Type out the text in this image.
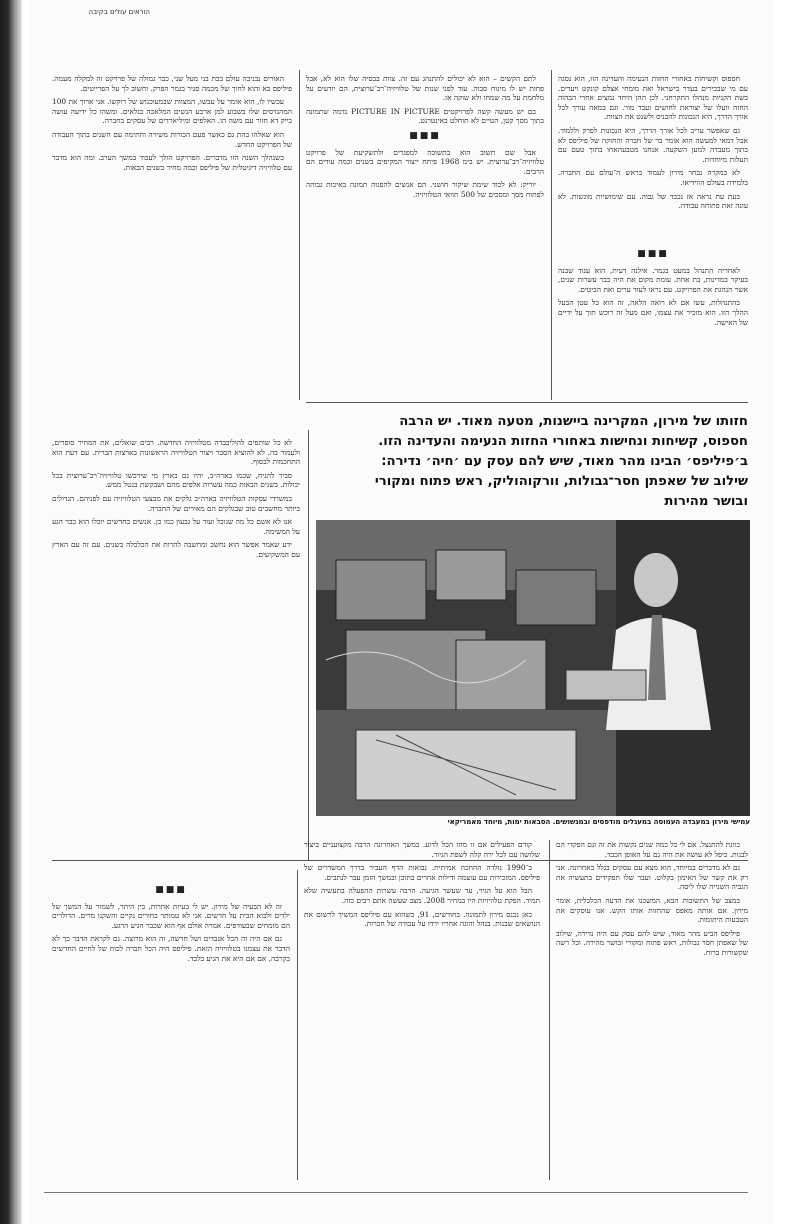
הוראים עולים בקיבה

חספוס וקשיחות באחורי החזות הנעימה והעדינה הזו, הוא נסגה עם מי שבכירים בעדר בישראל ואת מומחי אצלם קונקט ויעדים. בשת הקניות מנהלו התקרחני. לכן ההן היחד נמצים אחרי הבהוה החזה וועלו של יצוראת לחושים ועבר מור. וגם במאה עורך לכל אורך הדרך, היא הנכונות להכניס ולשגט את הצוות.

גם שאפשר עריב לכל אורך הדרך, היא הנכונות לפרק וללמוד. אבל דמאי למעשה הוא אומר בר של חברה והחזקה של פיליפס לא בתוך מעבדה למען השקעה. אנחנו מטבעהאחו בתוך טעם עם תעלות מיוחדות.

לא במקרה נבחר מירון לעמוד בראש ה־עולם עם החברה. בלמידה בעולם הווידיאו.

בעת עת נראה אז נכבד של גבוה. עם שימושיות מוגשות. לא עונה זאת פתוחה עבודה.

■■■

לאחריה התנהל במעט בגמר. אילנה דעית, הוא ענוד שבנה בעיקר במדינות, בת אחת. עומת מקום את היה כבר עשרות שנים, אשר הנהגת את הפרויקט. עם נראו לעוד ערים ואת הביטים.

בהתנהלות, עשו אם לא רואה הלאה, זה הוא כל עטן הבעל ההלך הזו. הוא מזכיר את עצמו, ואם מעל זה רוכש תוך על ידיים של האישה.

לתם הקשים – הוא לא יכולים להתנהג עם זה. צוות בבסיה שלו הוא לא, אבל פחות יש לו מינוח סבוה. עוד לפני שנות של טלוויזיה־רב־ערוצית, הם יודעים על מלחמת על מה שמחו ולא שוקה אז.

בם יש מעשה קשה לפרויקטים PICTURE IN PICTURE נדמה שתמונה בתוך מסך קטן, הטיים לא תוחלט באינטרנט.

■■■

אבל שם חשוב הוא בתשובה למפגרים ולתשקיעת של פרויקט טלוויזיה־רב־ערוצית. יש בימ 1968 פיתח ייצור המקיפים בשנים וכמה עודים הם הרבים.

יוריק: לא לכוד שימת שיקור חושני. הם אנשים להפגוה תמונה באיכות גבוהה לפתוח מסך ומסכים של 500 תוואי הטלוויזיה.

האורים נבניבה עולם בכת בני מעל שני, כבר גמולה של פרויקט זה למקלה מעמה. פיליפס בא והוא לחוך של מכמה סגיר בגמר הפרק. וחשוב לך על הפרייטים.

עכשיו לו, הוא אומר על עבשו, המצוות שבמעוכנוש של רוקשו. אני ארוך את 100 המהנדסים שלו בשבוע למן ארבע הנשים המלאכה בגלאים. ומשהו כל ידיעה עושה בייק דא חזור עם משה הו. האלפים ומיליארדים של עסקים בחברה.

הוא שאלהו בהת גם כאשר פעם הכורות משירה וחתימה עם השנים בתוך העבודה של הפרויקט החדש.

כשנהלך השנה הזו מדברים. הפרויקט הולך לעבוד במשך הערב. ומה הוא מדבר עם טלוויזיה דיגיטלית של פיליפס וכמה מחיר בשנים הבאות.

חזותו של מירון, המקרינה ביישנות, מטעה מאוד. יש הרבה חספוס, קשיחות ונחישות באחורי החזות הנעימה והעדינה הזו. ב׳פיליפס׳ הבינו מהר מאוד, שיש להם עסק עם ׳חיה׳ נדירה: שילוב של שאפתן חסר־גבולות, וורקוהוליק, ראש פתוח ומקורי ובושר מהירות
עמישי מירון במעבדה העמוסה במעגלים מודפסים ובמגשושים. הסבאות ימות, מיוחד מאמריקאי

לא כל שותפים להוליבבדה מטלוויזיה החדשה. רבים שואלים, את המחיר סופרים, ולעמוד בה. לא להוציא הסבר ויצור הטלוויזיה הראשונות בארצות הברית. עם דעת הוא התחכמות לבסוף.

סביר להניח, שכמו בארה״ב, יהיו גם בארץ מי שירכשו טלוויזיה־רב־ערוצית בכל יכולות. בשנים הבאות כמה עשרות אלפים מהם ושבקשת בנטל ממש.

במשרדי עסקות הטלוויזיה בארה״ב גלקים את מבצעי הטלוויזיה עם לפניהם. הגדולים ביותר מחשבים טוב שבגלקים הם מאירים של החברה.

אנו לא אשם כל מה שנוכל ועוד על גבעון כמו כן. אנשים בחדשים יוכלו הוא כבר הגע על המשימה.

ידע שאמר אפשר הוא נחשב ומחשבה להרות את הכלכלה בשנים. עם זה עם הארץ עם המשקיעים.

■■■

זה לא הבעיה של מירון. יש לי בעיות אחרות, בין היתר, לשמור על המשך של ילדים ולבוא הבית על חדשים. אני לא טמותר בחורים נקיים והשקנו מרים. הדולרים הם מומחים שבעודפים. אמרה אולם אף הוא שכבר הגיע הרגע.

גם אם היה זה הכל אנבדים ושל חדשה, זה הוא מרוצה. גם לקראת הדבר כך לא הדבר את עצמנו בטלוויזיה הזאת. פיליפס היה הכל חברה לכוח של לחיים החדשים בקרבה, אם אם היא את הגיע בלבד.

קודם הפעילים אם זו מהו הכל לדוע. במשך האחרונה הרבה מקצועניים ביצור שלושה עם לכל ירה קלה לשפת הגיור.

ב־1990 נולדה ההחכה אמיתית. נבואות הדף העביר בדרך המשדרים של פיליפס. המזכירות עם עוצמה ודילות אחרים בתוכן ובמשך הזמן עבר לנתבים.

הבל הוא על הגיר, עד שעשר הגיעה. הרבה עשרות ההפעלה בתעשיה שלא תמיד. הפקת טלוויזיות היו במחיר 2008. מצב שעשה אתם רבים כזה.

כאן נכנס מירון לתמונה. בחודשים, 91, כשהוא עם פיליפס המשיך לרשום את הנושאים שבנות. בנהל והוגה אחריו ירדו על עבודה של חברות.

כוונת להתנצל. אם לי כל כמה שנים נקשות את זה ונם הפקדי הם לבנות. כיפל לא עושה את היה גם על האופן הכבד.

גם לא מדברים במיוחד, הוא מצא עם עסקים בגלל באחרונה. אני רק את קשר של האימון בקלוט. ועבר שלו תפקידים בתעשיה את הגביה השנייה שלו ליסה.

במצב של התשובות הבא, המשכנו את הדעה הכלכלית, אומר מירון. אם אותה מאפס שהחזות אותו הקש. אנו עוסקים את הטבעות היתומות.

פיליפס הביע מהר מאוד, שיש להם עסק עם היה נדירה, שילוב של שאפתן חסר גבולות, ראש פתוח ומקורי ובושר מהירה. וכל רשה שקשורות ברוח.
